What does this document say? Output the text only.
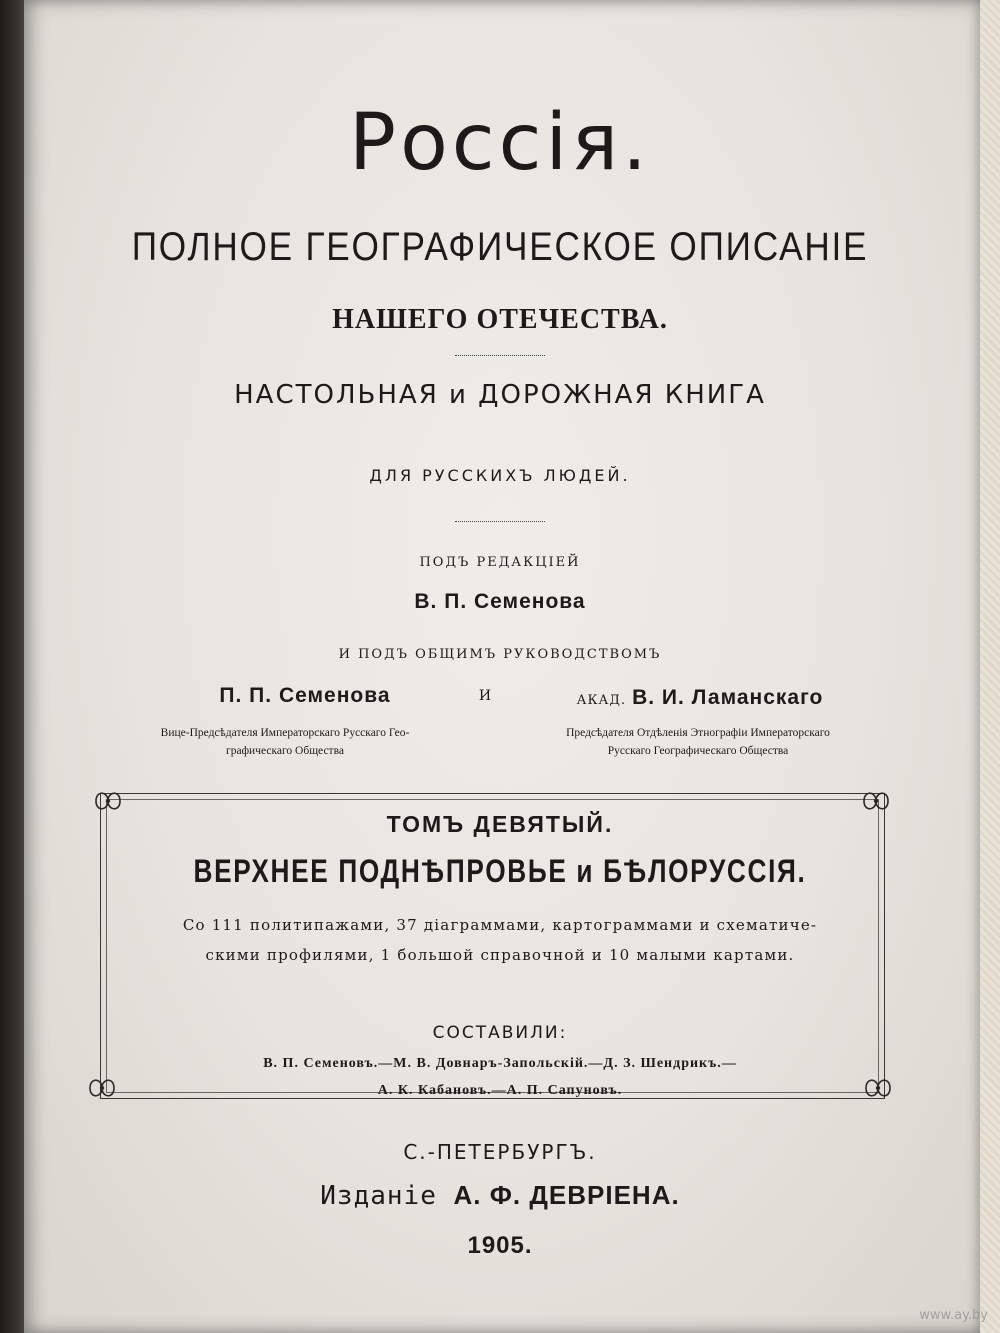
Россія.
ПОЛНОЕ ГЕОГРАФИЧЕСКОЕ ОПИСАНІЕ
НАШЕГО ОТЕЧЕСТВА.
НАСТОЛЬНАЯ и ДОРОЖНАЯ КНИГА
ДЛЯ РУССКИХЪ ЛЮДЕЙ.
ПОДЪ РЕДАКЦІЕЙ
В. П. Семенова
И ПОДЪ ОБЩИМЪ РУКОВОДСТВОМЪ
П. П. Семенова
Вице-Предсѣдателя Императорскаго Русскаго Гео-
графическаго Общества
И	АКАД. В. И. Ламанскаго
Предсѣдателя Отдѣленія Этнографіи Императорскаго
Русскаго Географическаго Общества
ТОМЪ ДЕВЯТЫЙ.
ВЕРХНЕЕ ПОДНѢПРОВЬЕ и БѢЛОРУССІЯ.
Со 111 политипажами, 37 діаграммами, картограммами и схематиче-
скими профилями, 1 большой справочной и 10 малыми картами.
СОСТАВИЛИ:
В. П. Семеновъ.—М. В. Довнаръ-Запольскій.—Д. З. Шендрикъ.—
А. К. Кабановъ.—А. П. Сапуновъ.
С.-ПЕТЕРБУРГЪ.
Изданіе А. Ф. ДЕВРІЕНА.
1905.
www.ay.by
